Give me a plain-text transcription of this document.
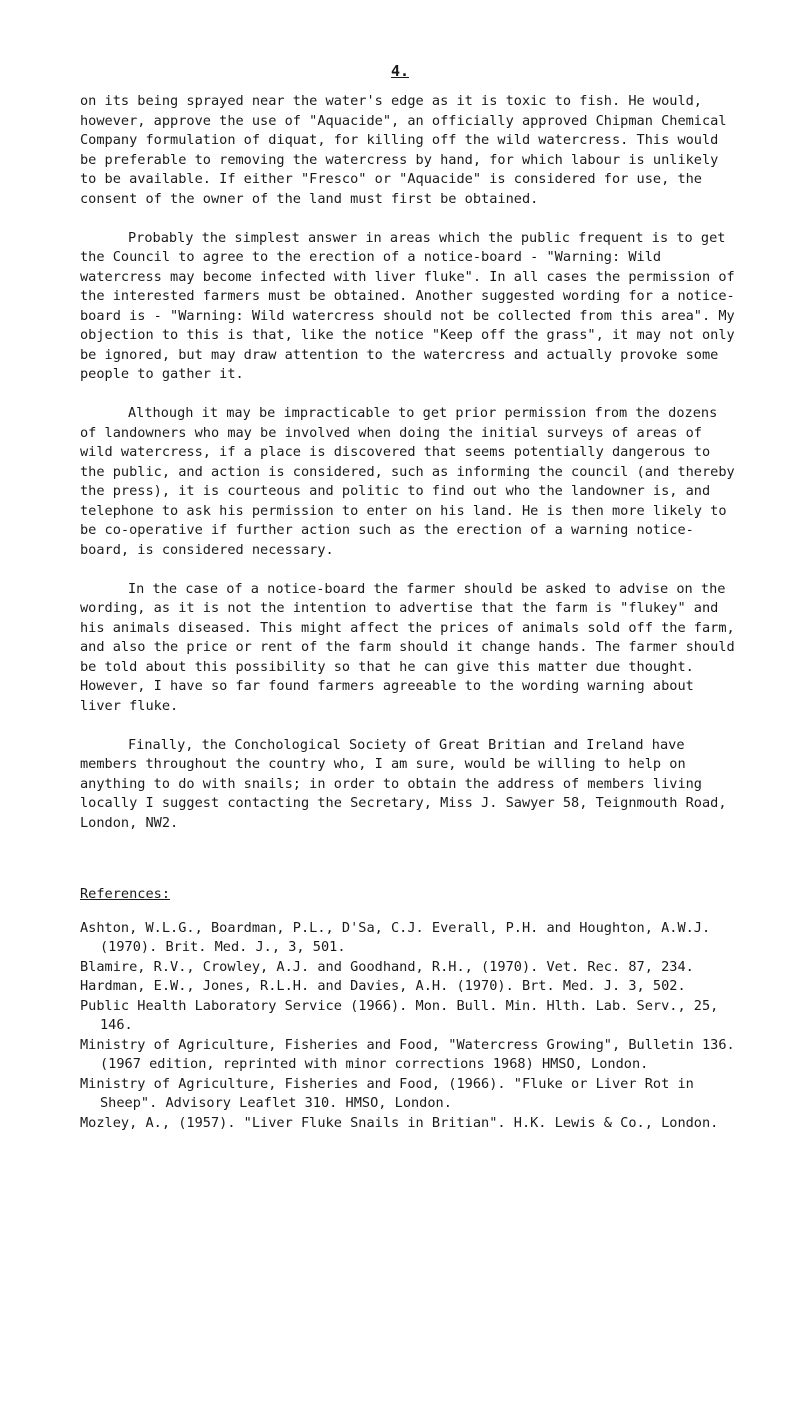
4.

on its being sprayed near the water's edge as it is toxic to fish. He would, however, approve the use of "Aquacide", an officially approved Chipman Chemical Company formulation of diquat, for killing off the wild watercress. This would be preferable to removing the watercress by hand, for which labour is unlikely to be available. If either "Fresco" or "Aquacide" is considered for use, the consent of the owner of the land must first be obtained.

Probably the simplest answer in areas which the public frequent is to get the Council to agree to the erection of a notice-board - "Warning: Wild watercress may become infected with liver fluke". In all cases the permission of the interested farmers must be obtained. Another suggested wording for a notice-board is - "Warning: Wild watercress should not be collected from this area". My objection to this is that, like the notice "Keep off the grass", it may not only be ignored, but may draw attention to the watercress and actually provoke some people to gather it.

Although it may be impracticable to get prior permission from the dozens of landowners who may be involved when doing the initial surveys of areas of wild watercress, if a place is discovered that seems potentially dangerous to the public, and action is considered, such as informing the council (and thereby the press), it is courteous and politic to find out who the landowner is, and telephone to ask his permission to enter on his land. He is then more likely to be co-operative if further action such as the erection of a warning notice-board, is considered necessary.

In the case of a notice-board the farmer should be asked to advise on the wording, as it is not the intention to advertise that the farm is "flukey" and his animals diseased. This might affect the prices of animals sold off the farm, and also the price or rent of the farm should it change hands. The farmer should be told about this possibility so that he can give this matter due thought. However, I have so far found farmers agreeable to the wording warning about liver fluke.

Finally, the Conchological Society of Great Britian and Ireland have members throughout the country who, I am sure, would be willing to help on anything to do with snails; in order to obtain the address of members living locally I suggest contacting the Secretary, Miss J. Sawyer 58, Teignmouth Road, London, NW2.

References:

Ashton, W.L.G., Boardman, P.L., D'Sa, C.J. Everall, P.H. and Houghton, A.W.J. (1970). Brit. Med. J., 3, 501.

Blamire, R.V., Crowley, A.J. and Goodhand, R.H., (1970). Vet. Rec. 87, 234.

Hardman, E.W., Jones, R.L.H. and Davies, A.H. (1970). Brt. Med. J. 3, 502.

Public Health Laboratory Service (1966). Mon. Bull. Min. Hlth. Lab. Serv., 25, 146.

Ministry of Agriculture, Fisheries and Food, "Watercress Growing", Bulletin 136. (1967 edition, reprinted with minor corrections 1968) HMSO, London.

Ministry of Agriculture, Fisheries and Food, (1966). "Fluke or Liver Rot in Sheep". Advisory Leaflet 310. HMSO, London.

Mozley, A., (1957). "Liver Fluke Snails in Britian". H.K. Lewis & Co., London.
